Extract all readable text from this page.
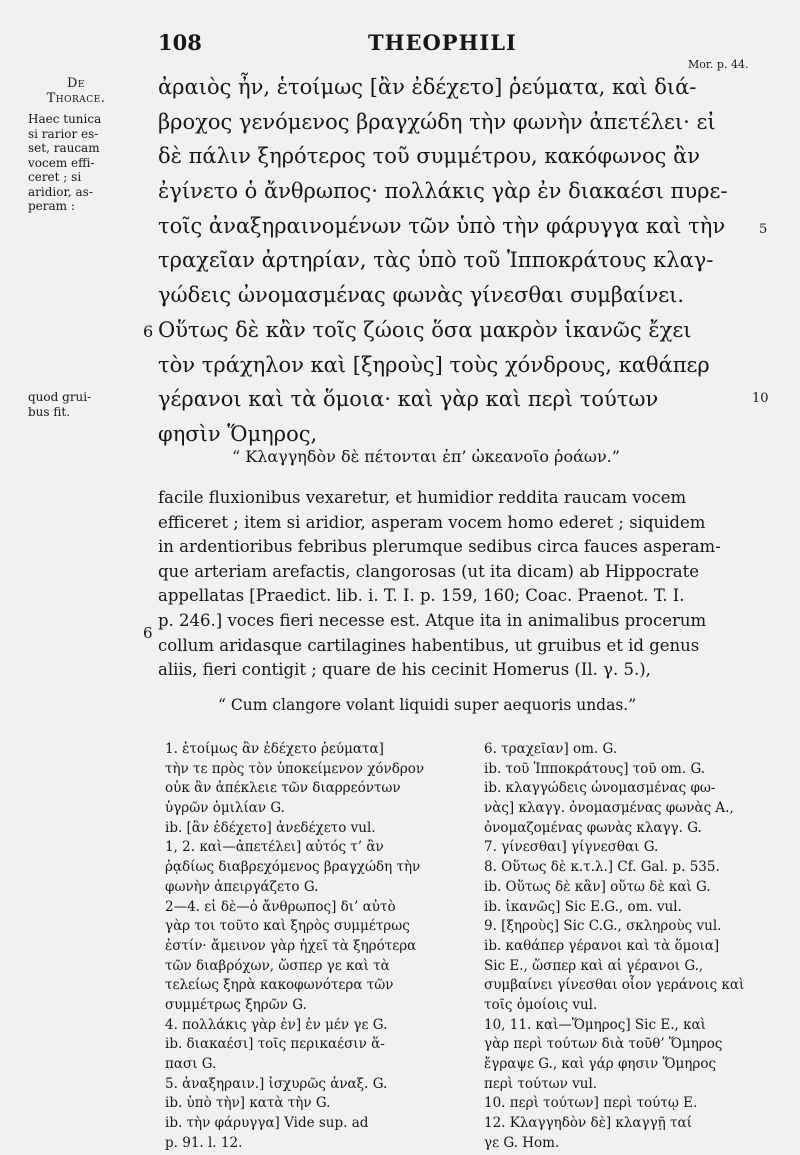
108	THEOPHILI
Mor. p. 44.
De
Thorace.
Haec tunica
si rarior es-
set, raucam
vocem effi-
ceret ; si
aridior, as-
peram :
quod grui-
bus fit.
ἀραιὸς ἦν, ἑτοίμως [ἂν ἐδέχετο] ῥεύματα, καὶ διά-
βροχος γενόμενος βραγχώδη τὴν φωνὴν ἀπετέλει· εἰ
δὲ πάλιν ξηρότερος τοῦ συμμέτρου, κακόφωνος ἂν
ἐγίνετο ὁ ἄνθρωπος· πολλάκις γὰρ ἐν διακαέσι πυρε-
τοῖς ἀναξηραινομένων τῶν ὑπὸ τὴν φάρυγγα καὶ τὴν
τραχεῖαν ἀρτηρίαν, τὰς ὑπὸ τοῦ Ἱπποκράτους κλαγ-
γώδεις ὠνομασμένας φωνὰς γίνεσθαι συμβαίνει.
Οὕτως δὲ κἂν τοῖς ζώοις ὅσα μακρὸν ἱκανῶς ἔχει
τὸν τράχηλον καὶ [ξηροὺς] τοὺς χόνδρους, καθάπερ
γέρανοι καὶ τὰ ὅμοια· καὶ γὰρ καὶ περὶ τούτων
φησὶν Ὅμηρος,
5
6
10
“ Κλαγγηδὸν δὲ πέτονται ἐπ’ ὠκεανοῖο ῥοάων.”
facile fluxionibus vexaretur, et humidior reddita raucam vocem
efficeret ; item si aridior, asperam vocem homo ederet ; siquidem
in ardentioribus febribus plerumque sedibus circa fauces asperam-
que arteriam arefactis, clangorosas (ut ita dicam) ab Hippocrate
appellatas [Praedict. lib. i. T. I. p. 159, 160; Coac. Praenot. T. I.
p. 246.] voces fieri necesse est. Atque ita in animalibus procerum
collum aridasque cartilagines habentibus, ut gruibus et id genus
aliis, fieri contigit ; quare de his cecinit Homerus (Il. γ. 5.),
6
“ Cum clangore volant liquidi super aequoris undas.”
1. ἑτοίμως ἂν ἐδέχετο ῥεύματα]
τὴν τε πρὸς τὸν ὑποκείμενον χόνδρον
οὐκ ἂν ἀπέκλειε τῶν διαρρεόντων
ὑγρῶν ὁμιλίαν G.
ib. [ἂν ἐδέχετο] ἀνεδέχετο vul.
1, 2. καὶ—ἀπετέλει] αὐτός τ’ ἂν
ῥᾳδίως διαβρεχόμενος βραγχώδη τὴν
φωνὴν ἀπειργάζετο G.
2—4. εἰ δὲ—ὁ ἄνθρωπος] δι’ αὐτὸ
γὰρ τοι τοῦτο καὶ ξηρὸς συμμέτρως
ἐστίν· ἄμεινον γὰρ ἠχεῖ τὰ ξηρότερα
τῶν διαβρόχων, ὥσπερ γε καὶ τὰ
τελείως ξηρὰ κακοφωνότερα τῶν
συμμέτρως ξηρῶν G.
4. πολλάκις γὰρ ἐν] ἐν μέν γε G.
ib. διακαέσι] τοῖς περικαέσιν ἅ-
πασι G.
5. ἀναξηραιν.] ἰσχυρῶς ἀναξ. G.
ib. ὑπὸ τὴν] κατὰ τὴν G.
ib. τὴν φάρυγγα] Vide sup. ad
p. 91. l. 12.
6. τραχεῖαν] om. G.
ib. τοῦ Ἱπποκράτους] τοῦ om. G.
ib. κλαγγώδεις ὠνομασμένας φω-
νὰς] κλαγγ. ὀνομασμένας φωνὰς A.,
ὀνομαζομένας φωνὰς κλαγγ. G.
7. γίνεσθαι] γίγνεσθαι G.
8. Οὕτως δὲ κ.τ.λ.] Cf. Gal. p. 535.
ib. Οὕτως δὲ κἂν] οὕτω δὲ καὶ G.
ib. ἱκανῶς] Sic E.G., om. vul.
9. [ξηροὺς] Sic C.G., σκληροὺς vul.
ib. καθάπερ γέρανοι καὶ τὰ ὅμοια]
Sic E., ὥσπερ καὶ αἱ γέρανοι G.,
συμβαίνει γίνεσθαι οἷον γεράνοις καὶ
τοῖς ὁμοίοις vul.
10, 11. καὶ—Ὅμηρος] Sic E., καὶ
γὰρ περὶ τούτων διὰ τοῦθ’ Ὅμηρος
ἔγραψε G., καὶ γάρ φησιν Ὅμηρος
περὶ τούτων vul.
10. περὶ τούτων] περὶ τούτῳ E.
12. Κλαγγηδὸν δὲ] κλαγγῇ ταί
γε G. Hom.
